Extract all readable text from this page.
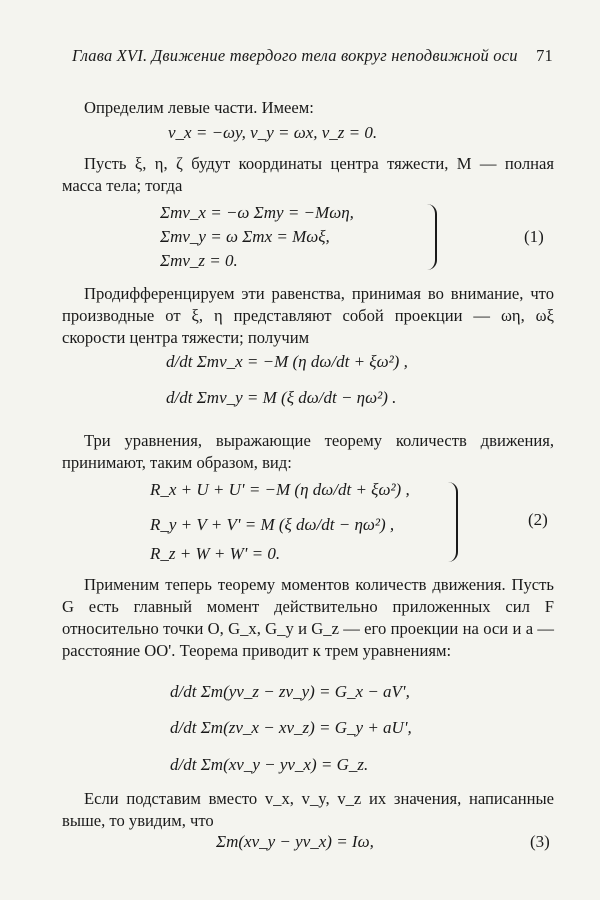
Глава XVI. Движение твердого тела вокруг неподвижной оси 71
Определим левые части. Имеем:
v_x = −ωy, v_y = ωx, v_z = 0.
Пусть ξ, η, ζ будут координаты центра тяжести, M — полная масса тела; тогда
Σmv_x = −ω Σmy = −Mωη,
Σmv_y = ω Σmx = Mωξ,
Σmv_z = 0.
(1)
Продифференцируем эти равенства, принимая во внимание, что производные от ξ, η представляют собой проекции — ωη, ωξ скорости центра тяжести; получим
d/dt Σmv_x = −M (η dω/dt + ξω²) ,
d/dt Σmv_y = M (ξ dω/dt − ηω²) .
Три уравнения, выражающие теорему количеств движения, принимают, таким образом, вид:
R_x + U + U' = −M (η dω/dt + ξω²) ,
R_y + V + V' = M (ξ dω/dt − ηω²) ,
R_z + W + W' = 0.
(2)
Применим теперь теорему моментов количеств движения. Пусть G есть главный момент действительно приложенных сил F относительно точки O, G_x, G_y и G_z — его проекции на оси и a — расстояние OO'. Теорема приводит к трем уравнениям:
d/dt Σm(yv_z − zv_y) = G_x − aV',
d/dt Σm(zv_x − xv_z) = G_y + aU',
d/dt Σm(xv_y − yv_x) = G_z.
Если подставим вместо v_x, v_y, v_z их значения, написанные выше, то увидим, что
Σm(xv_y − yv_x) = Iω,	(3)
